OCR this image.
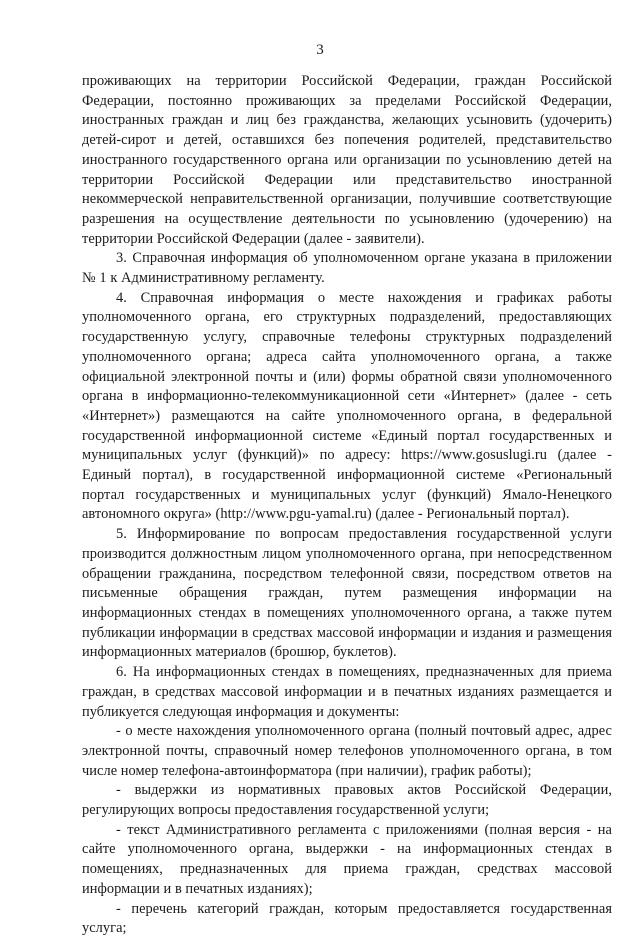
3

проживающих на территории Российской Федерации, граждан Российской Федерации, постоянно проживающих за пределами Российской Федерации, иностранных граждан и лиц без гражданства, желающих усыновить (удочерить) детей-сирот и детей, оставшихся без попечения родителей, представительство иностранного государственного органа или организации по усыновлению детей на территории Российской Федерации или представительство иностранной некоммерческой неправительственной организации, получившие соответствующие разрешения на осуществление деятельности по усыновлению (удочерению) на территории Российской Федерации (далее - заявители).

3. Справочная информация об уполномоченном органе указана в приложении № 1 к Административному регламенту.

4. Справочная информация о месте нахождения и графиках работы уполномоченного органа, его структурных подразделений, предоставляющих государственную услугу, справочные телефоны структурных подразделений уполномоченного органа; адреса сайта уполномоченного органа, а также официальной электронной почты и (или) формы обратной связи уполномоченного органа в информационно-телекоммуникационной сети «Интернет» (далее - сеть «Интернет») размещаются на сайте уполномоченного органа, в федеральной государственной информационной системе «Единый портал государственных и муниципальных услуг (функций)» по адресу: https://www.gosuslugi.ru (далее - Единый портал), в государственной информационной системе «Региональный портал государственных и муниципальных услуг (функций) Ямало-Ненецкого автономного округа» (http://www.pgu-yamal.ru) (далее - Региональный портал).

5. Информирование по вопросам предоставления государственной услуги производится должностным лицом уполномоченного органа, при непосредственном обращении гражданина, посредством телефонной связи, посредством ответов на письменные обращения граждан, путем размещения информации на информационных стендах в помещениях уполномоченного органа, а также путем публикации информации в средствах массовой информации и издания и размещения информационных материалов (брошюр, буклетов).

6. На информационных стендах в помещениях, предназначенных для приема граждан, в средствах массовой информации и в печатных изданиях размещается и публикуется следующая информация и документы:

- о месте нахождения уполномоченного органа (полный почтовый адрес, адрес электронной почты, справочный номер телефонов уполномоченного органа, в том числе номер телефона-автоинформатора (при наличии), график работы);

- выдержки из нормативных правовых актов Российской Федерации, регулирующих вопросы предоставления государственной услуги;

- текст Административного регламента с приложениями (полная версия - на сайте уполномоченного органа, выдержки - на информационных стендах в помещениях, предназначенных для приема граждан, средствах массовой информации и в печатных изданиях);

- перечень категорий граждан, которым предоставляется государственная услуга;
